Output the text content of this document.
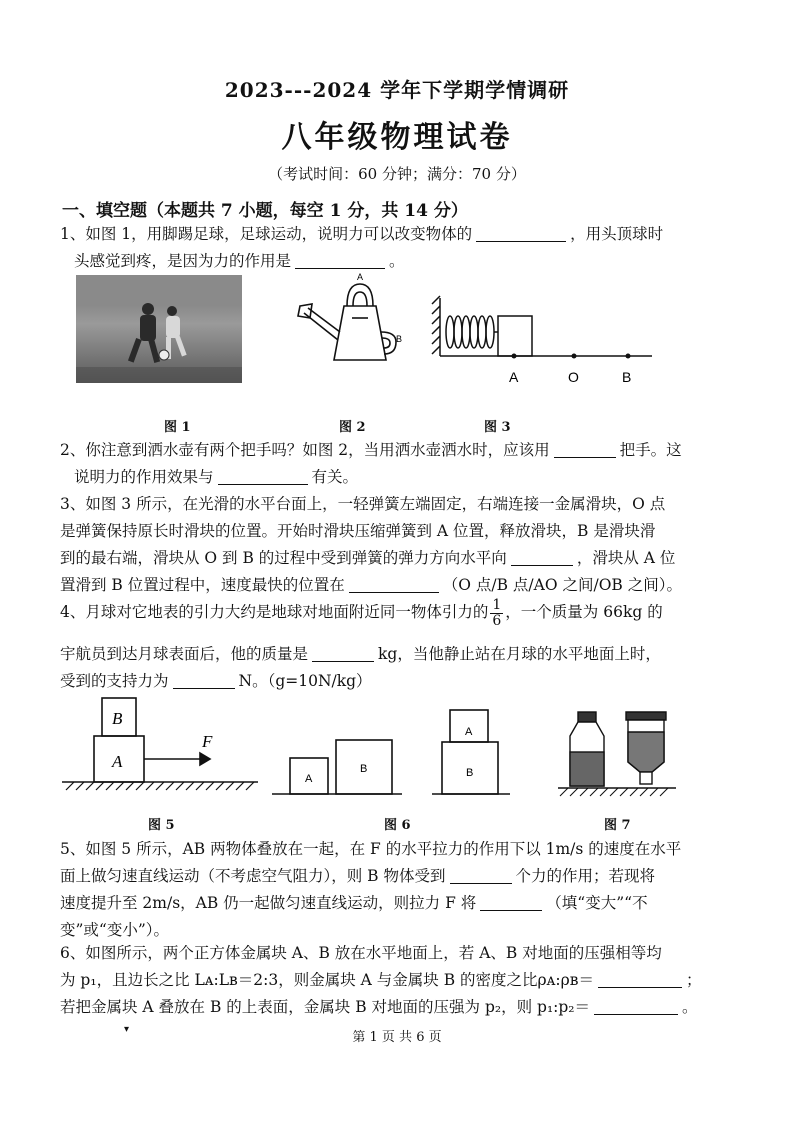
2023---2024 学年下学期学情调研
八年级物理试卷
（考试时间：60 分钟；满分：70 分）
一、填空题（本题共 7 小题，每空 1 分，共 14 分）
1、如图 1，用脚踢足球，足球运动，说明力可以改变物体的	，用头顶球时
头感觉到疼，是因为力的作用是	。
A
B
A	O	B
图 1	图 2	图 3
2、你注意到洒水壶有两个把手吗？如图 2，当用洒水壶洒水时，应该用	把手。这
说明力的作用效果与	有关。
3、如图 3 所示，在光滑的水平台面上，一轻弹簧左端固定，右端连接一金属滑块，O 点
是弹簧保持原长时滑块的位置。开始时滑块压缩弹簧到 A 位置，释放滑块，B 是滑块滑
到的最右端，滑块从 O 到 B 的过程中受到弹簧的弹力方向水平向	，滑块从 A 位
置滑到 B 位置过程中，速度最快的位置在	（O 点/B 点/AO 之间/OB 之间）。
4、月球对它地表的引力大约是地球对地面附近同一物体引力的 $\frac{1}{6}$ ，一个质量为 66kg 的
宇航员到达月球表面后，他的质量是	kg，当他静止站在月球的水平地面上时，
受到的支持力为	N。（g=10N/kg）
B
A
F
A
B
A
B
图 5	图 6	图 7
5、如图 5 所示，AB 两物体叠放在一起，在 F 的水平拉力的作用下以 1m/s 的速度在水平
面上做匀速直线运动（不考虑空气阻力），则 B 物体受到	个力的作用；若现将
速度提升至 2m/s，AB 仍一起做匀速直线运动，则拉力 F 将	（填“变大”“不
变”或“变小”）。
6、如图所示，两个正方体金属块 A、B 放在水平地面上，若 A、B 对地面的压强相等均
为 p₁，且边长之比 Lᴀ:Lʙ＝2:3，则金属块 A 与金属块 B 的密度之比ρᴀ:ρʙ＝	；
若把金属块 A 叠放在 B 的上表面，金属块 B 对地面的压强为 p₂，则 p₁:p₂＝	。
第 1 页 共 6 页
▾
